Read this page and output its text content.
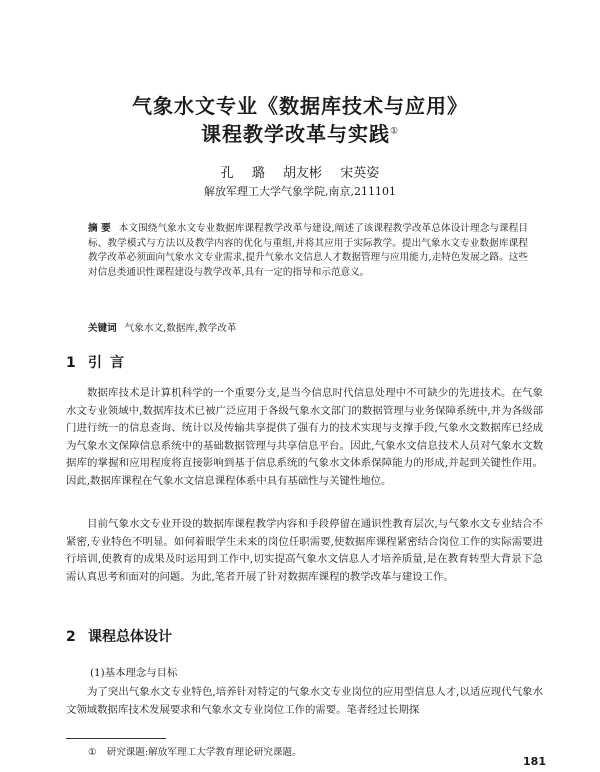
气象水文专业《数据库技术与应用》
课程教学改革与实践①
孔 璐 胡友彬 宋英姿
解放军理工大学气象学院,南京,211101
摘 要 本文围绕气象水文专业数据库课程教学改革与建设,阐述了该课程教学改革总体设计理念与课程目标、教学模式与方法以及教学内容的优化与重组,并将其应用于实际教学。提出气象水文专业数据库课程教学改革必须面向气象水文专业需求,提升气象水文信息人才数据管理与应用能力,走特色发展之路。这些对信息类通识性课程建设与教学改革,具有一定的指导和示范意义。
关键词 气象水文,数据库,教学改革
1 引言

数据库技术是计算机科学的一个重要分支,是当今信息时代信息处理中不可缺少的先进技术。在气象水文专业领域中,数据库技术已被广泛应用于各级气象水文部门的数据管理与业务保障系统中,并为各级部门进行统一的信息查询、统计以及传输共享提供了强有力的技术实现与支撑手段,气象水文数据库已经成为气象水文保障信息系统中的基础数据管理与共享信息平台。因此,气象水文信息技术人员对气象水文数据库的掌握和应用程度将直接影响到基于信息系统的气象水文体系保障能力的形成,并起到关键性作用。因此,数据库课程在气象水文信息课程体系中具有基础性与关键性地位。

目前气象水文专业开设的数据库课程教学内容和手段停留在通识性教育层次,与气象水文专业结合不紧密,专业特色不明显。如何着眼学生未来的岗位任职需要,使数据库课程紧密结合岗位工作的实际需要进行培训,使教育的成果及时运用到工作中,切实提高气象水文信息人才培养质量,是在教育转型大背景下急需认真思考和面对的问题。为此,笔者开展了针对数据库课程的教学改革与建设工作。

2 课程总体设计

(1)基本理念与目标

为了突出气象水文专业特色,培养针对特定的气象水文专业岗位的应用型信息人才,以适应现代气象水文领域数据库技术发展要求和气象水文专业岗位工作的需要。笔者经过长期探

① 研究课题:解放军理工大学教育理论研究课题。

181
